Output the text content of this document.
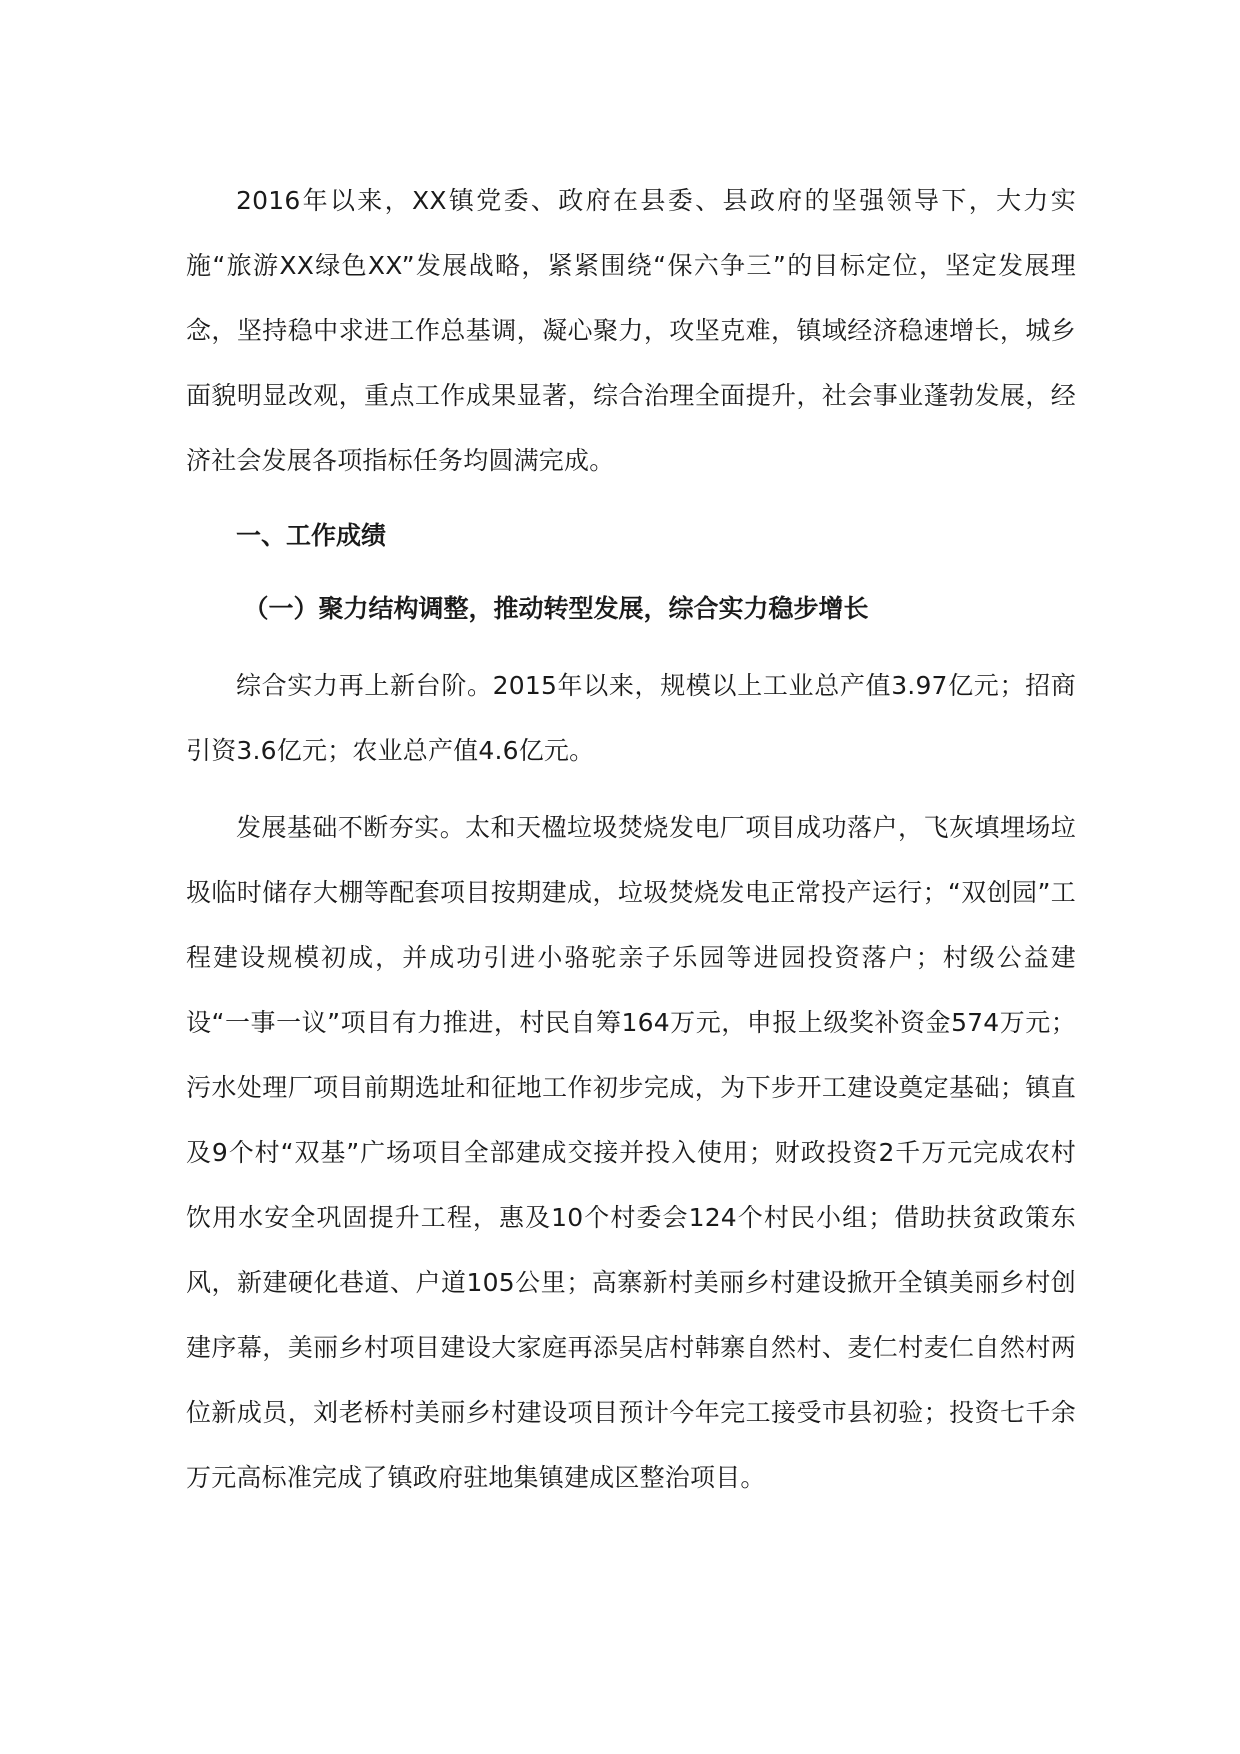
2016年以来，XX镇党委、政府在县委、县政府的坚强领导下，大力实施“旅游XX绿色XX”发展战略，紧紧围绕“保六争三”的目标定位，坚定发展理念，坚持稳中求进工作总基调，凝心聚力，攻坚克难，镇域经济稳速增长，城乡面貌明显改观，重点工作成果显著，综合治理全面提升，社会事业蓬勃发展，经济社会发展各项指标任务均圆满完成。

一、工作成绩
（一）聚力结构调整，推动转型发展，综合实力稳步增长

综合实力再上新台阶。2015年以来，规模以上工业总产值3.97亿元；招商引资3.6亿元；农业总产值4.6亿元。

发展基础不断夯实。太和天楹垃圾焚烧发电厂项目成功落户，飞灰填埋场垃圾临时储存大棚等配套项目按期建成，垃圾焚烧发电正常投产运行；“双创园”工程建设规模初成，并成功引进小骆驼亲子乐园等进园投资落户；村级公益建设“一事一议”项目有力推进，村民自筹164万元，申报上级奖补资金574万元；污水处理厂项目前期选址和征地工作初步完成，为下步开工建设奠定基础；镇直及9个村“双基”广场项目全部建成交接并投入使用；财政投资2千万元完成农村饮用水安全巩固提升工程，惠及10个村委会124个村民小组；借助扶贫政策东风，新建硬化巷道、户道105公里；高寨新村美丽乡村建设掀开全镇美丽乡村创建序幕，美丽乡村项目建设大家庭再添吴店村韩寨自然村、麦仁村麦仁自然村两位新成员，刘老桥村美丽乡村建设项目预计今年完工接受市县初验；投资七千余万元高标准完成了镇政府驻地集镇建成区整治项目。
